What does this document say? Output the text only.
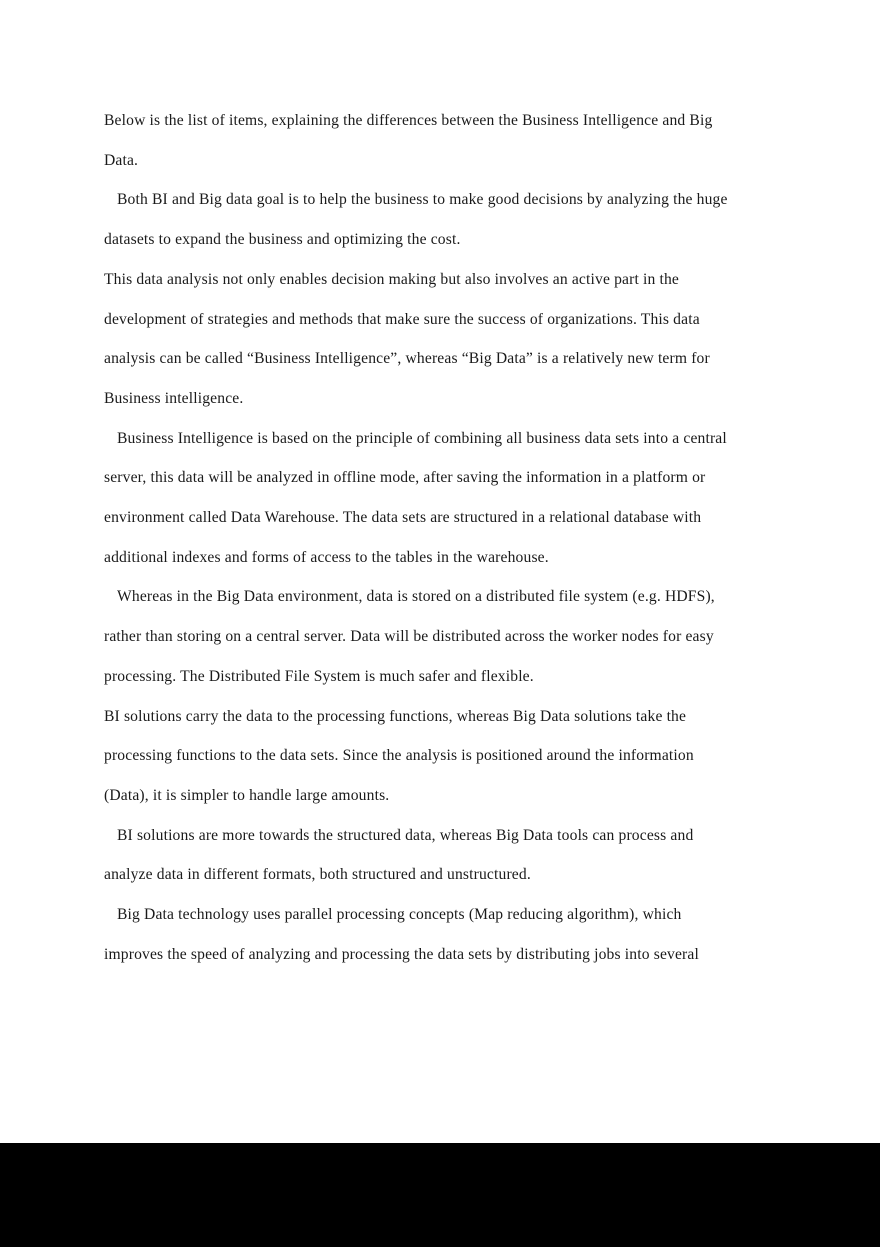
Below is the list of items, explaining the differences between the Business Intelligence and Big
Data.
Both BI and Big data goal is to help the business to make good decisions by analyzing the huge
datasets to expand the business and optimizing the cost.
This data analysis not only enables decision making but also involves an active part in the
development of strategies and methods that make sure the success of organizations. This data
analysis can be called “Business Intelligence”, whereas “Big Data” is a relatively new term for
Business intelligence.
Business Intelligence is based on the principle of combining all business data sets into a central
server, this data will be analyzed in offline mode, after saving the information in a platform or
environment called Data Warehouse. The data sets are structured in a relational database with
additional indexes and forms of access to the tables in the warehouse.
Whereas in the Big Data environment, data is stored on a distributed file system (e.g. HDFS),
rather than storing on a central server. Data will be distributed across the worker nodes for easy
processing. The Distributed File System is much safer and flexible.
BI solutions carry the data to the processing functions, whereas Big Data solutions take the
processing functions to the data sets. Since the analysis is positioned around the information
(Data), it is simpler to handle large amounts.
BI solutions are more towards the structured data, whereas Big Data tools can process and
analyze data in different formats, both structured and unstructured.
Big Data technology uses parallel processing concepts (Map reducing algorithm), which
improves the speed of analyzing and processing the data sets by distributing jobs into several
